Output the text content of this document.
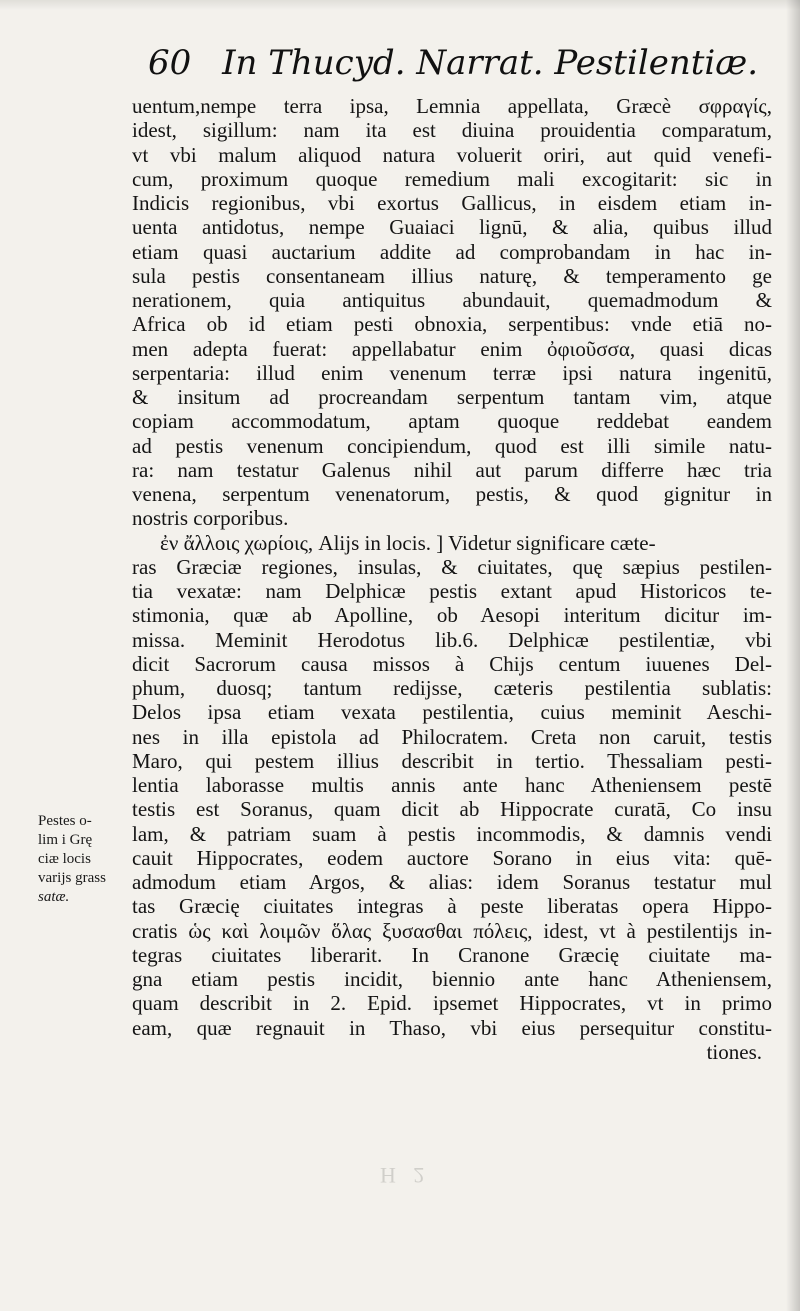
60 In Thucyd. Narrat. Pestilentiæ.
uentum,nempe terra ipsa, Lemnia appellata, Græcè σφραγίς,
idest, sigillum: nam ita est diuina prouidentia comparatum,
vt vbi malum aliquod natura voluerit oriri, aut quid venefi-
cum, proximum quoque remedium mali excogitarit: sic in
Indicis regionibus, vbi exortus Gallicus, in eisdem etiam in-
uenta antidotus, nempe Guaiaci lignū, & alia, quibus illud
etiam quasi auctarium addite ad comprobandam in hac in-
sula pestis consentaneam illius naturę, & temperamento ge
nerationem, quia antiquitus abundauit, quemadmodum &
Africa ob id etiam pesti obnoxia, serpentibus: vnde etiā no-
men adepta fuerat: appellabatur enim ὀφιοῦσσα, quasi dicas
serpentaria: illud enim venenum terræ ipsi natura ingenitū,
& insitum ad procreandam serpentum tantam vim, atque
copiam accommodatum, aptam quoque reddebat eandem
ad pestis venenum concipiendum, quod est illi simile natu-
ra: nam testatur Galenus nihil aut parum differre hæc tria
venena, serpentum venenatorum, pestis, & quod gignitur in
nostris corporibus.
ἐν ἄλλοις χωρίοις, Alijs in locis. ] Videtur significare cæte-
ras Græciæ regiones, insulas, & ciuitates, quę sæpius pestilen-
tia vexatæ: nam Delphicæ pestis extant apud Historicos te-
stimonia, quæ ab Apolline, ob Aesopi interitum dicitur im-
missa. Meminit Herodotus lib.6. Delphicæ pestilentiæ, vbi
dicit Sacrorum causa missos à Chijs centum iuuenes Del-
phum, duosq; tantum redijsse, cæteris pestilentia sublatis:
Delos ipsa etiam vexata pestilentia, cuius meminit Aeschi-
nes in illa epistola ad Philocratem. Creta non caruit, testis
Maro, qui pestem illius describit in tertio. Thessaliam pesti-
lentia laborasse multis annis ante hanc Atheniensem pestē
testis est Soranus, quam dicit ab Hippocrate curatā, Co insu
lam, & patriam suam à pestis incommodis, & damnis vendi
cauit Hippocrates, eodem auctore Sorano in eius vita: quē-
admodum etiam Argos, & alias: idem Soranus testatur mul
tas Græcię ciuitates integras à peste liberatas opera Hippo-
cratis ὡς καὶ λοιμῶν ὅλας ξυσασθαι πόλεις, idest, vt à pestilentijs in-
tegras ciuitates liberarit. In Cranone Græcię ciuitate ma-
gna etiam pestis incidit, biennio ante hanc Atheniensem,
quam describit in 2. Epid. ipsemet Hippocrates, vt in primo
eam, quæ regnauit in Thaso, vbi eius persequitur constitu-
tiones.
Pestes o-
lim i Grę
ciæ locis
varijs grass
satæ.
H 2
